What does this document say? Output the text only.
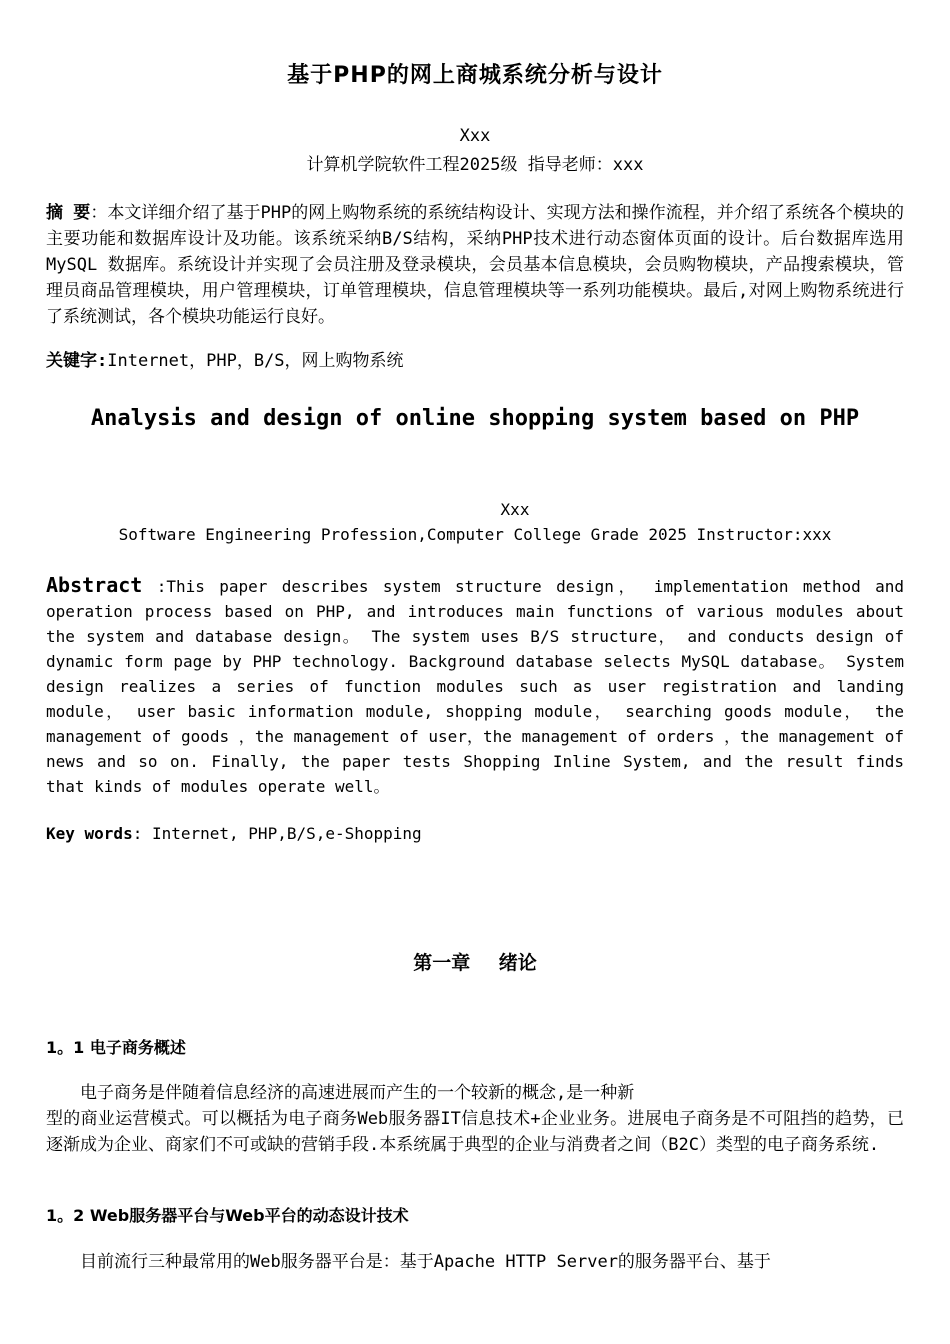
基于PHP的网上商城系统分析与设计
Xxx
计算机学院软件工程2025级 指导老师：xxx
摘 要：本文详细介绍了基于PHP的网上购物系统的系统结构设计、实现方法和操作流程，并介绍了系统各个模块的主要功能和数据库设计及功能。该系统采纳B/S结构，采纳PHP技术进行动态窗体页面的设计。后台数据库选用MySQL 数据库。系统设计并实现了会员注册及登录模块，会员基本信息模块，会员购物模块，产品搜索模块，管理员商品管理模块，用户管理模块，订单管理模块，信息管理模块等一系列功能模块。最后,对网上购物系统进行了系统测试，各个模块功能运行良好。
关键字:Internet，PHP，B/S，网上购物系统
Analysis and design of online shopping system based on PHP
Xxx
Software Engineering Profession,Computer College Grade 2025 Instructor:xxx
Abstract :This paper describes system structure design， implementation method and operation process based on PHP, and introduces main functions of various modules about the system and database design。 The system uses B/S structure， and conducts design of dynamic form page by PHP technology. Background database selects MySQL database。 System design realizes a series of function modules such as user registration and landing module， user basic information module, shopping module， searching goods module， the management of goods ，the management of user，the management of orders ，the management of news and so on. Finally, the paper tests Shopping Inline System, and the result finds that kinds of modules operate well。
Key words: Internet, PHP,B/S,e-Shopping
第一章 绪论
1。1 电子商务概述
电子商务是伴随着信息经济的高速进展而产生的一个较新的概念,是一种新
型的商业运营模式。可以概括为电子商务Web服务器IT信息技术+企业业务。进展电子商务是不可阻挡的趋势，已逐渐成为企业、商家们不可或缺的营销手段.本系统属于典型的企业与消费者之间（B2C）类型的电子商务系统.
1。2 Web服务器平台与Web平台的动态设计技术
目前流行三种最常用的Web服务器平台是：基于Apache HTTP Server的服务器平台、基于
